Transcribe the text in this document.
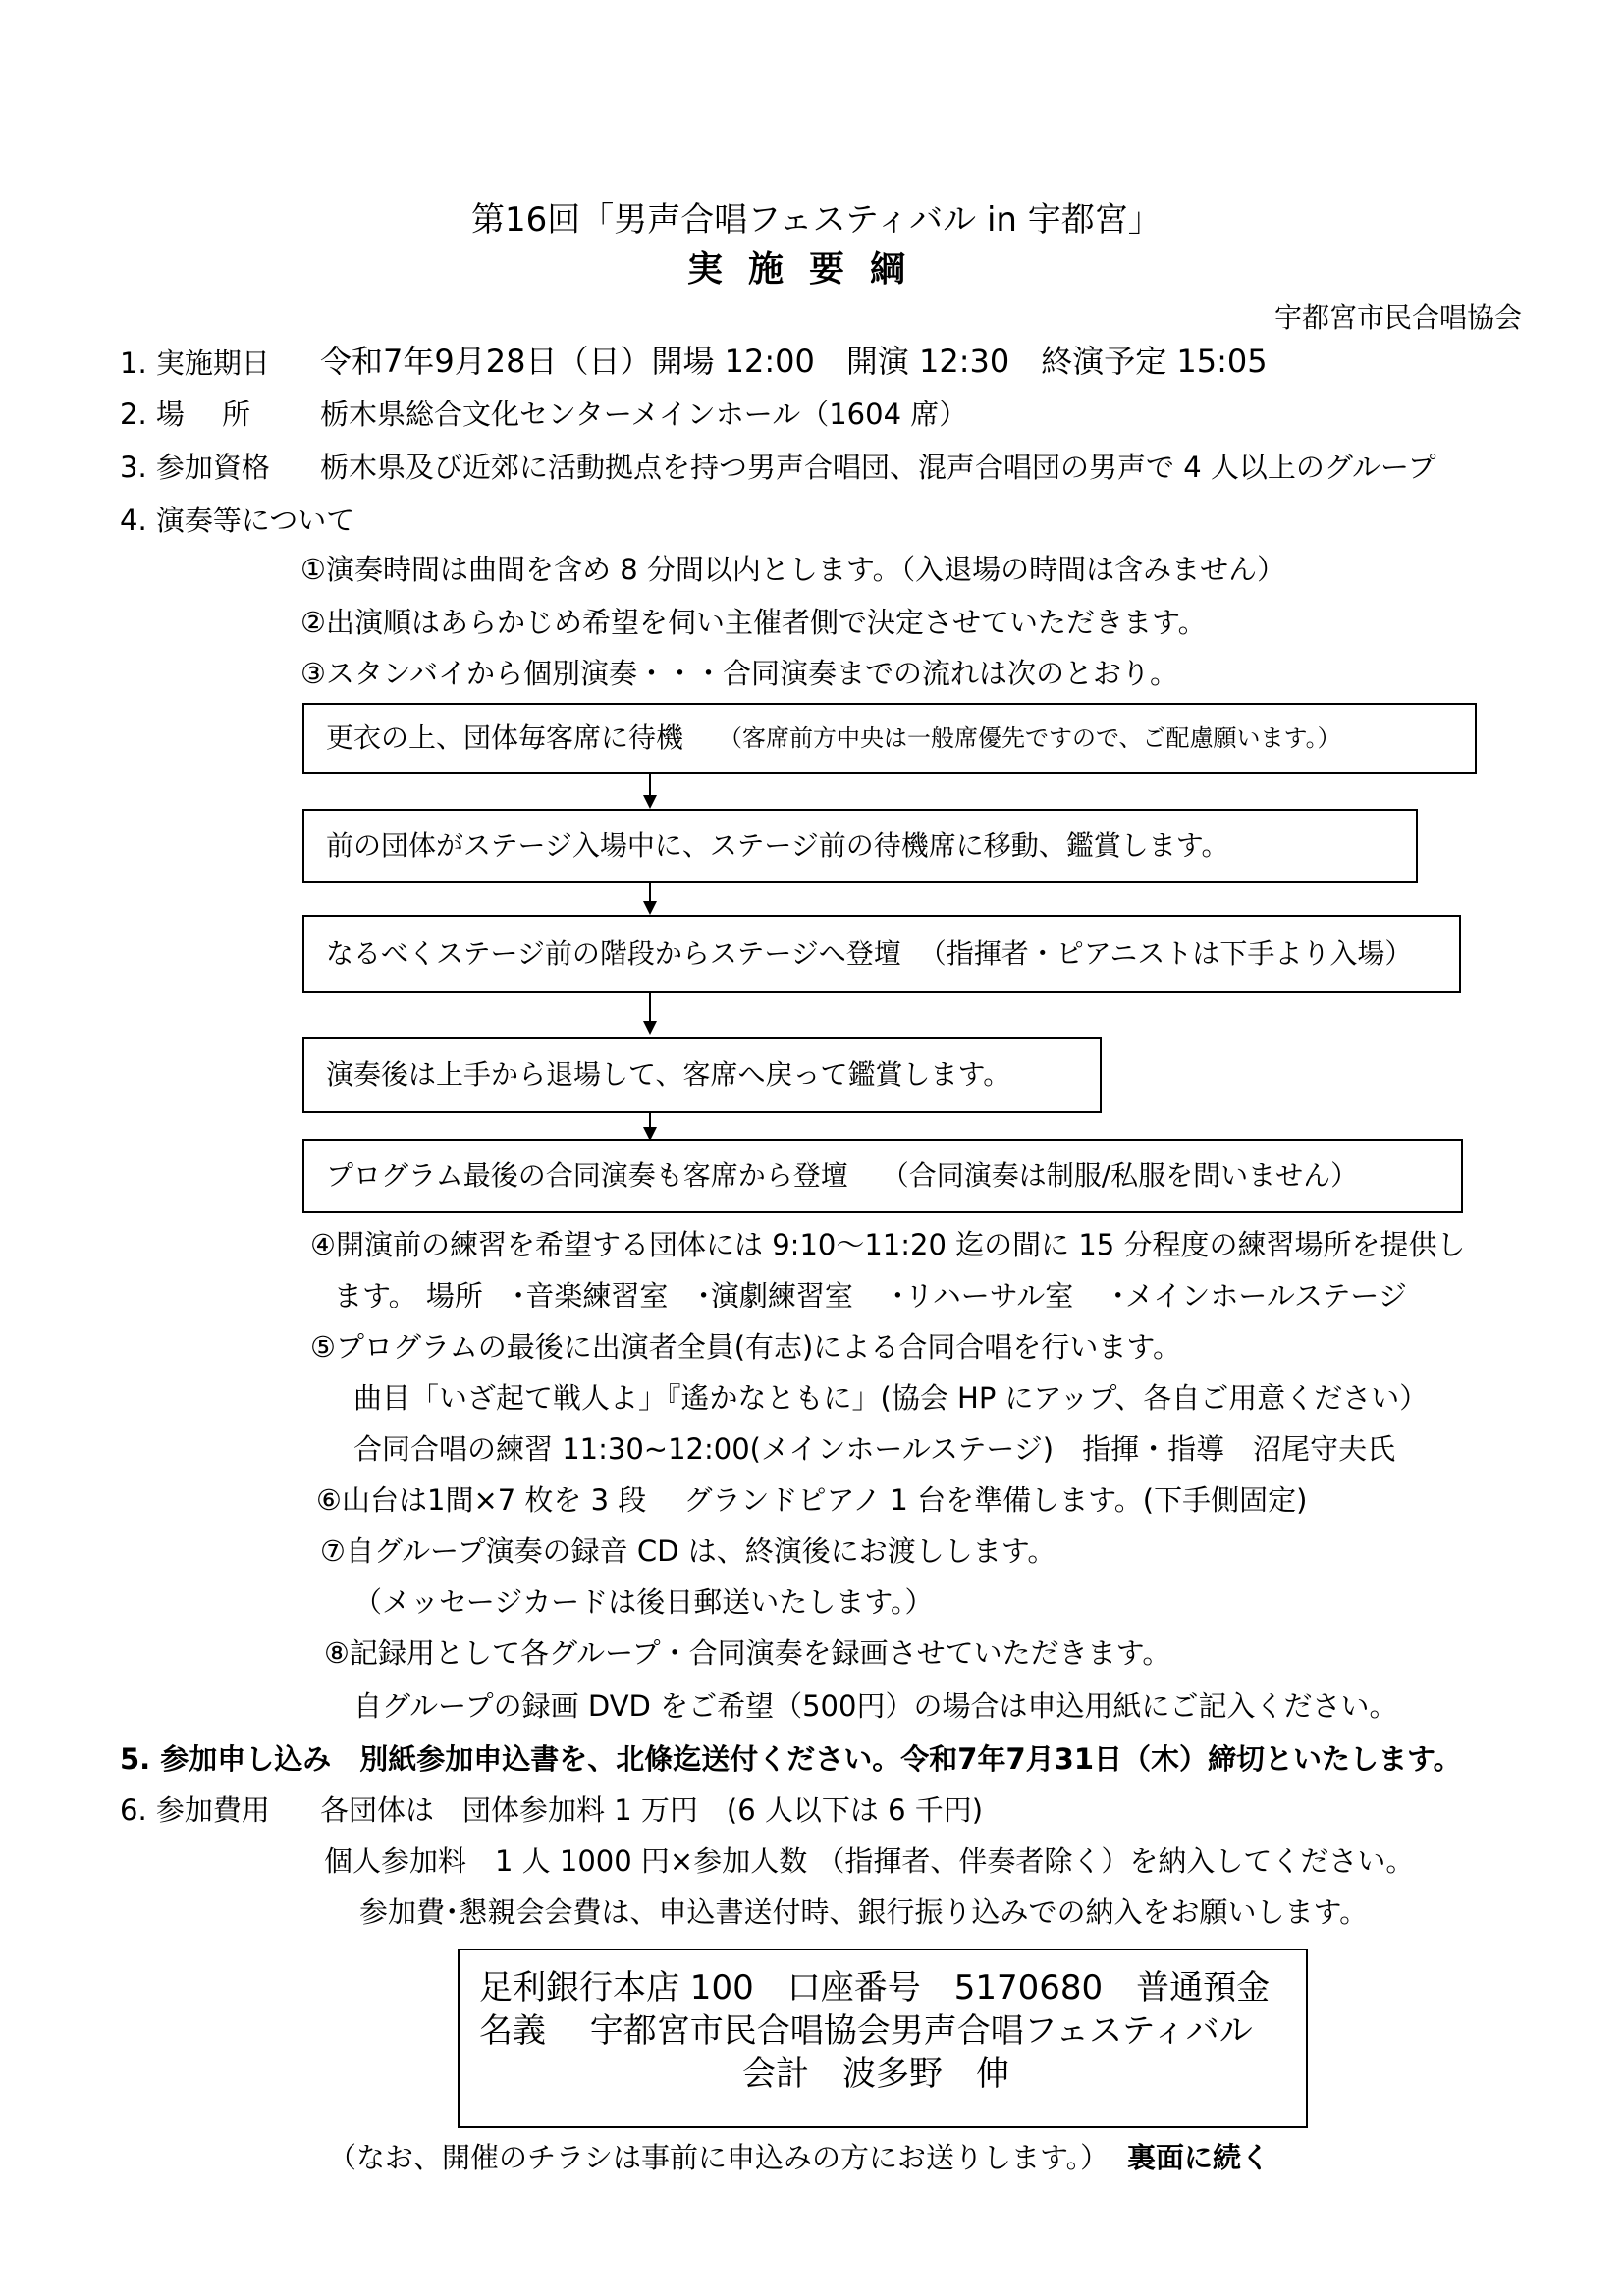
第16回「男声合唱フェスティバル in 宇都宮」
実施要綱
宇都宮市民合唱協会
1. 実施期日 令和7年9月28日（日）開場 12:00　開演 12:30　終演予定 15:05
2. 場　 所 栃木県総合文化センターメインホール（1604 席）
3. 参加資格 栃木県及び近郊に活動拠点を持つ男声合唱団、混声合唱団の男声で 4 人以上のグループ
4. 演奏等について
①演奏時間は曲間を含め 8 分間以内とします。（入退場の時間は含みません）
②出演順はあらかじめ希望を伺い主催者側で決定させていただきます。
③スタンバイから個別演奏・・・合同演奏までの流れは次のとおり。
更衣の上、団体毎客席に待機 （客席前方中央は一般席優先ですので、ご配慮願います。）
前の団体がステージ入場中に、ステージ前の待機席に移動、鑑賞します。
なるべくステージ前の階段からステージへ登壇 （指揮者・ピアニストは下手より入場）
演奏後は上手から退場して、客席へ戻って鑑賞します。
プログラム最後の合同演奏も客席から登壇 （合同演奏は制服/私服を問いません）
④開演前の練習を希望する団体には 9:10～11:20 迄の間に 15 分程度の練習場所を提供し
ます。 場所　･音楽練習室　･演劇練習室　 ･リハーサル室　 ･メインホールステージ
⑤プログラムの最後に出演者全員(有志)による合同合唱を行います。
曲目「いざ起て戦人よ」『遙かなともに」(協会 HP にアップ、各自ご用意ください）
合同合唱の練習 11:30~12:00(メインホールステージ)　指揮・指導　沼尾守夫氏
⑥山台は1間×7 枚を 3 段　 グランドピアノ 1 台を準備します。(下手側固定)
⑦自グループ演奏の録音 CD は、終演後にお渡しします。
（メッセージカードは後日郵送いたします。）
⑧記録用として各グループ・合同演奏を録画させていただきます。
自グループの録画 DVD をご希望（500円）の場合は申込用紙にご記入ください。
5. 参加申し込み　別紙参加申込書を、北條迄送付ください。令和7年7月31日（木）締切といたします。
6. 参加費用 各団体は　団体参加料 1 万円　(6 人以下は 6 千円)
個人参加料　1 人 1000 円×参加人数 （指揮者、伴奏者除く）を納入してください。
参加費･懇親会会費は、申込書送付時、銀行振り込みでの納入をお願いします。
足利銀行本店 100　口座番号　5170680　普通預金
名義　 宇都宮市民合唱協会男声合唱フェスティバル
会計　波多野　伸
（なお、開催のチラシは事前に申込みの方にお送りします。） 裏面に続く
